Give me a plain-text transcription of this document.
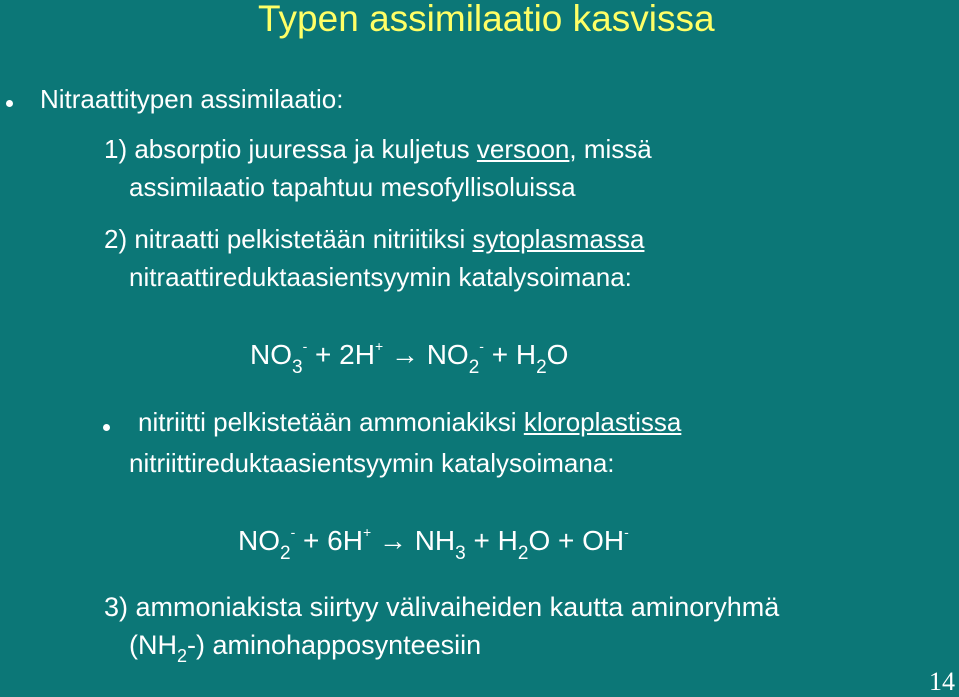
Typen assimilaatio kasvissa
Nitraattitypen assimilaatio:
1) absorptio juuressa ja kuljetus versoon, missä
assimilaatio tapahtuu mesofyllisoluissa
2) nitraatti pelkistetään nitriitiksi sytoplasmassa
nitraattireduktaasientsyymin katalysoimana:
$NO_3^- + 2H^+ \to NO_2^- + H_2O$
nitriitti pelkistetään ammoniakiksi kloroplastissa
nitriittireduktaasientsyymin katalysoimana:
$NO_2^- + 6H^+ \to NH_3 + H_2O + OH^-$
3) ammoniakista siirtyy välivaiheiden kautta aminoryhmä
$(NH_2-)$ aminohapposynteesiin
14
